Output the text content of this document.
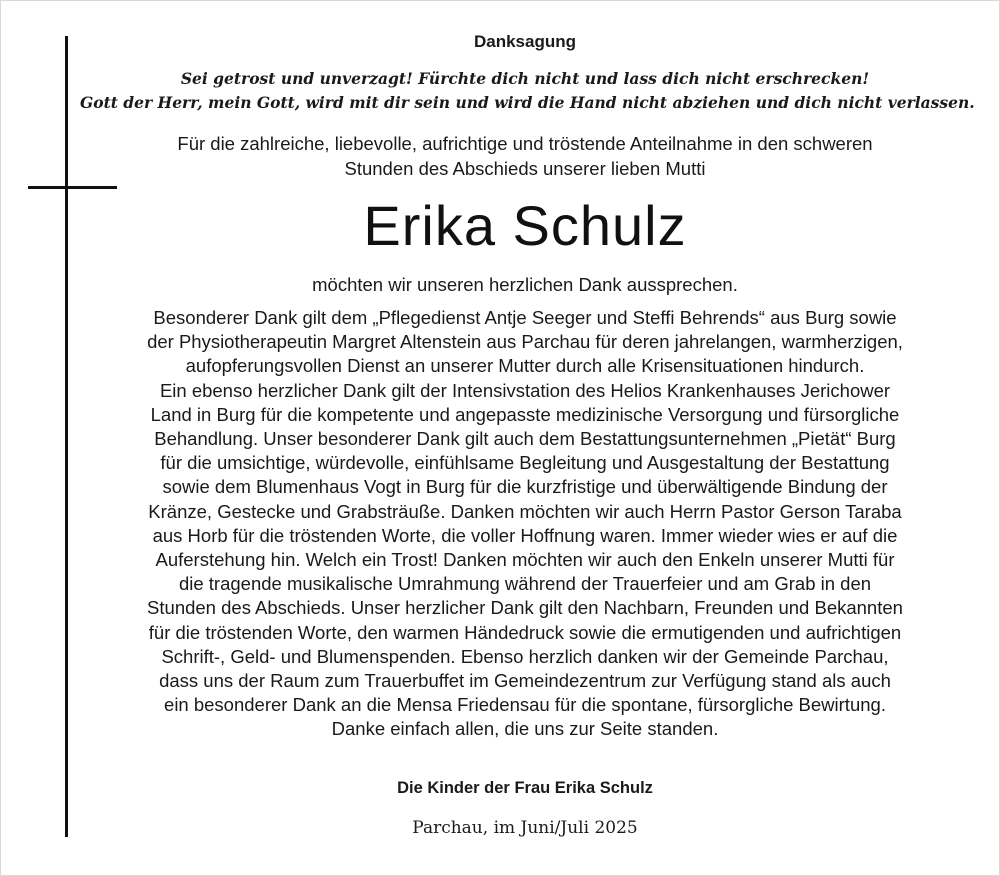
Danksagung
Sei getrost und unverzagt! Fürchte dich nicht und lass dich nicht erschrecken!
Gott der Herr, mein Gott, wird mit dir sein und wird die Hand nicht abziehen und dich nicht verlassen.
Für die zahlreiche, liebevolle, aufrichtige und tröstende Anteilnahme in den schweren
Stunden des Abschieds unserer lieben Mutti
Erika Schulz
möchten wir unseren herzlichen Dank aussprechen.
Besonderer Dank gilt dem „Pflegedienst Antje Seeger und Steffi Behrends“ aus Burg sowie
der Physiotherapeutin Margret Altenstein aus Parchau für deren jahrelangen, warmherzigen,
aufopferungsvollen Dienst an unserer Mutter durch alle Krisensituationen hindurch.
Ein ebenso herzlicher Dank gilt der Intensivstation des Helios Krankenhauses Jerichower
Land in Burg für die kompetente und angepasste medizinische Versorgung und fürsorgliche
Behandlung. Unser besonderer Dank gilt auch dem Bestattungsunternehmen „Pietät“ Burg
für die umsichtige, würdevolle, einfühlsame Begleitung und Ausgestaltung der Bestattung
sowie dem Blumenhaus Vogt in Burg für die kurzfristige und überwältigende Bindung der
Kränze, Gestecke und Grabsträuße. Danken möchten wir auch Herrn Pastor Gerson Taraba
aus Horb für die tröstenden Worte, die voller Hoffnung waren. Immer wieder wies er auf die
Auferstehung hin. Welch ein Trost! Danken möchten wir auch den Enkeln unserer Mutti für
die tragende musikalische Umrahmung während der Trauerfeier und am Grab in den
Stunden des Abschieds. Unser herzlicher Dank gilt den Nachbarn, Freunden und Bekannten
für die tröstenden Worte, den warmen Händedruck sowie die ermutigenden und aufrichtigen
Schrift-, Geld- und Blumenspenden. Ebenso herzlich danken wir der Gemeinde Parchau,
dass uns der Raum zum Trauerbuffet im Gemeindezentrum zur Verfügung stand als auch
ein besonderer Dank an die Mensa Friedensau für die spontane, fürsorgliche Bewirtung.
Danke einfach allen, die uns zur Seite standen.
Die Kinder der Frau Erika Schulz
Parchau, im Juni/Juli 2025
